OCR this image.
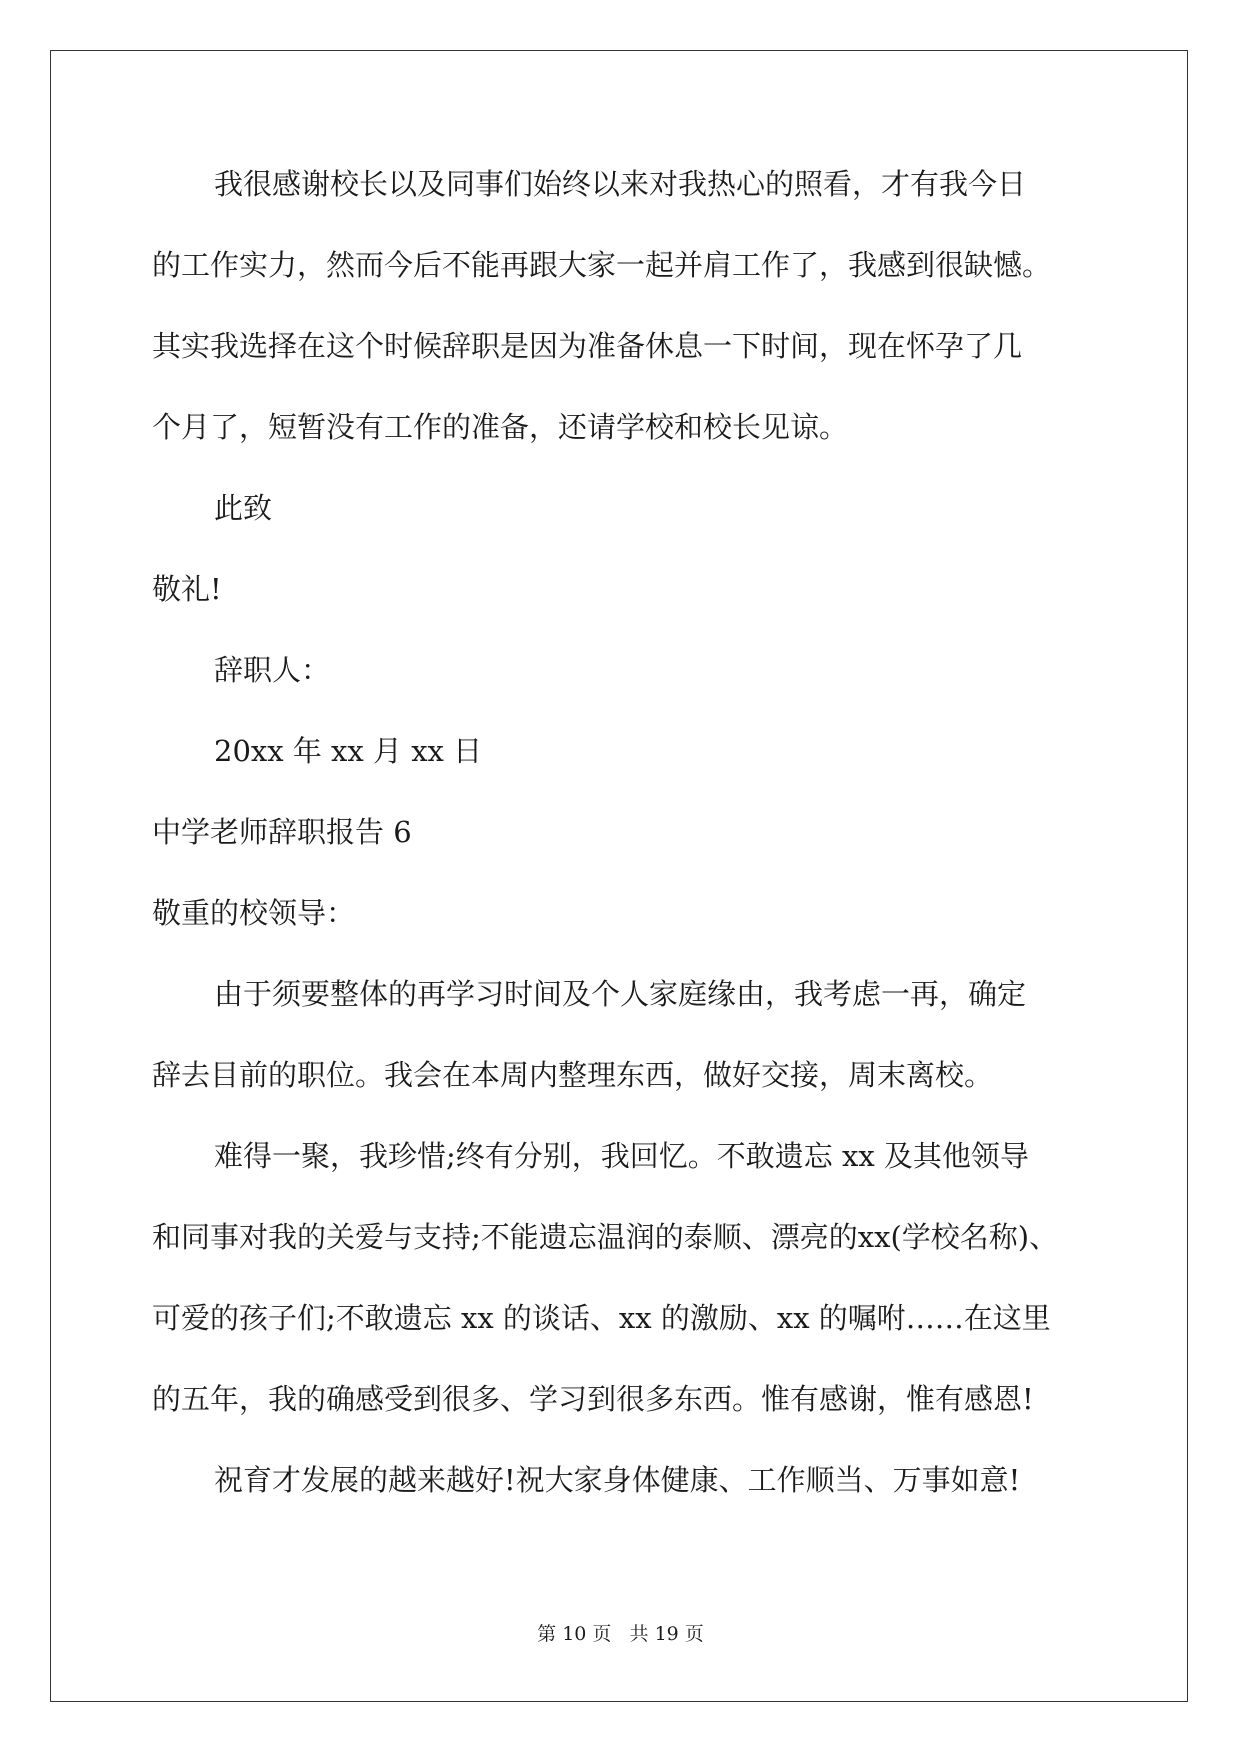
我很感谢校长以及同事们始终以来对我热心的照看，才有我今日
的工作实力，然而今后不能再跟大家一起并肩工作了，我感到很缺憾。
其实我选择在这个时候辞职是因为准备休息一下时间，现在怀孕了几
个月了，短暂没有工作的准备，还请学校和校长见谅。
此致
敬礼!
辞职人：
20xx 年 xx 月 xx 日
中学老师辞职报告 6
敬重的校领导：
由于须要整体的再学习时间及个人家庭缘由，我考虑一再，确定
辞去目前的职位。我会在本周内整理东西，做好交接，周末离校。
难得一聚，我珍惜;终有分别，我回忆。不敢遗忘 xx 及其他领导
和同事对我的关爱与支持;不能遗忘温润的泰顺、漂亮的xx(学校名称)、
可爱的孩子们;不敢遗忘 xx 的谈话、xx 的激励、xx 的嘱咐……在这里
的五年，我的确感受到很多、学习到很多东西。惟有感谢，惟有感恩!
祝育才发展的越来越好!祝大家身体健康、工作顺当、万事如意!
第 10 页   共 19 页
